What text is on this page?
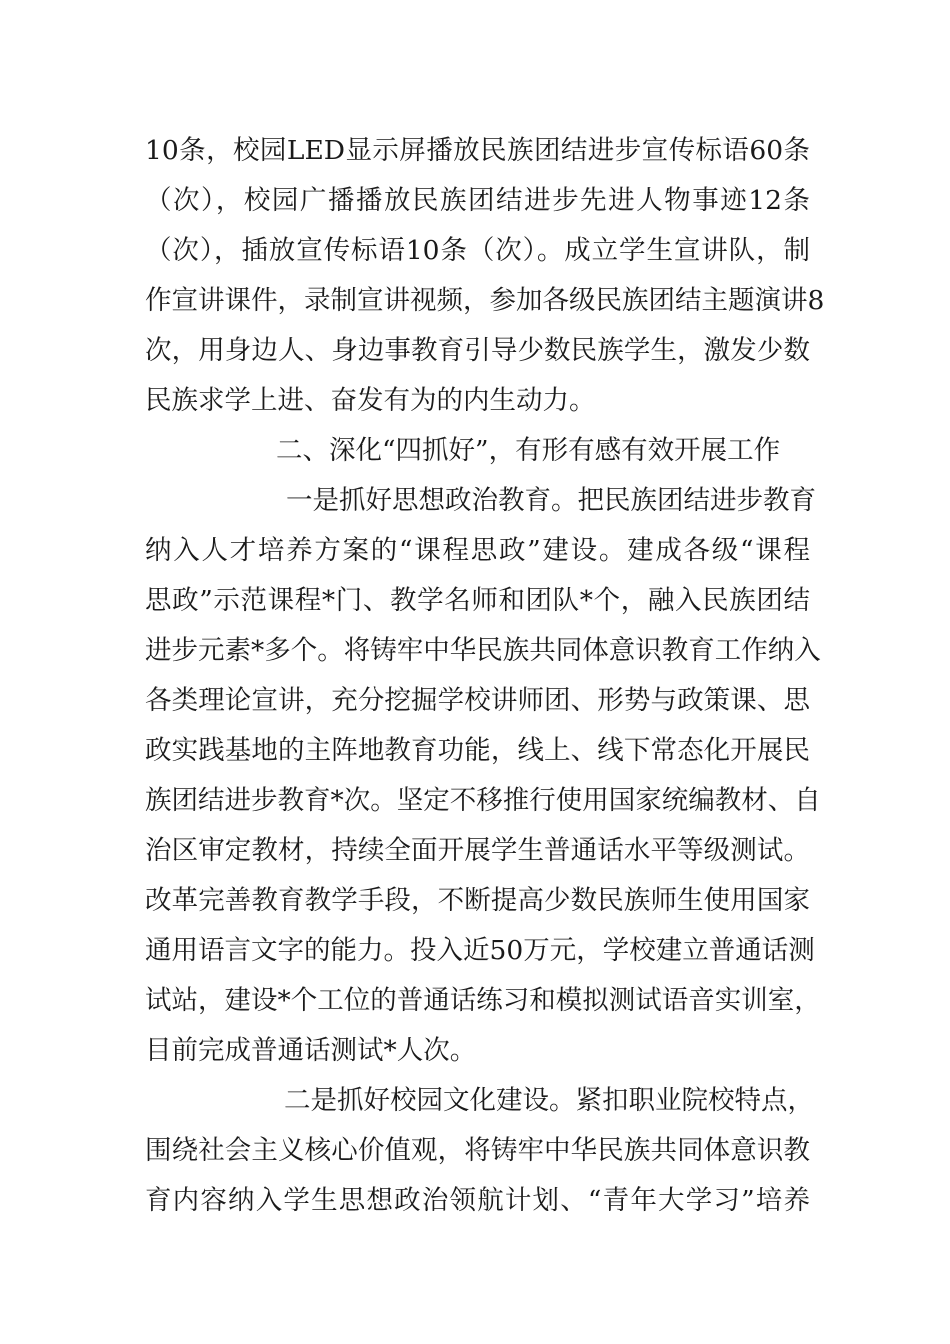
10条，校园LED显示屏播放民族团结进步宣传标语60条
（次），校园广播播放民族团结进步先进人物事迹12条
（次），插放宣传标语10条（次）。成立学生宣讲队，制
作宣讲课件，录制宣讲视频，参加各级民族团结主题演讲8
次，用身边人、身边事教育引导少数民族学生，激发少数
民族求学上进、奋发有为的内生动力。
二、深化“四抓好”，有形有感有效开展工作
一是抓好思想政治教育。把民族团结进步教育
纳入人才培养方案的“课程思政”建设。建成各级“课程
思政”示范课程*门、教学名师和团队*个，融入民族团结
进步元素*多个。将铸牢中华民族共同体意识教育工作纳入
各类理论宣讲，充分挖掘学校讲师团、形势与政策课、思
政实践基地的主阵地教育功能，线上、线下常态化开展民
族团结进步教育*次。坚定不移推行使用国家统编教材、自
治区审定教材，持续全面开展学生普通话水平等级测试。
改革完善教育教学手段，不断提高少数民族师生使用国家
通用语言文字的能力。投入近50万元，学校建立普通话测
试站，建设*个工位的普通话练习和模拟测试语音实训室，
目前完成普通话测试*人次。
二是抓好校园文化建设。紧扣职业院校特点，
围绕社会主义核心价值观，将铸牢中华民族共同体意识教
育内容纳入学生思想政治领航计划、“青年大学习”培养
